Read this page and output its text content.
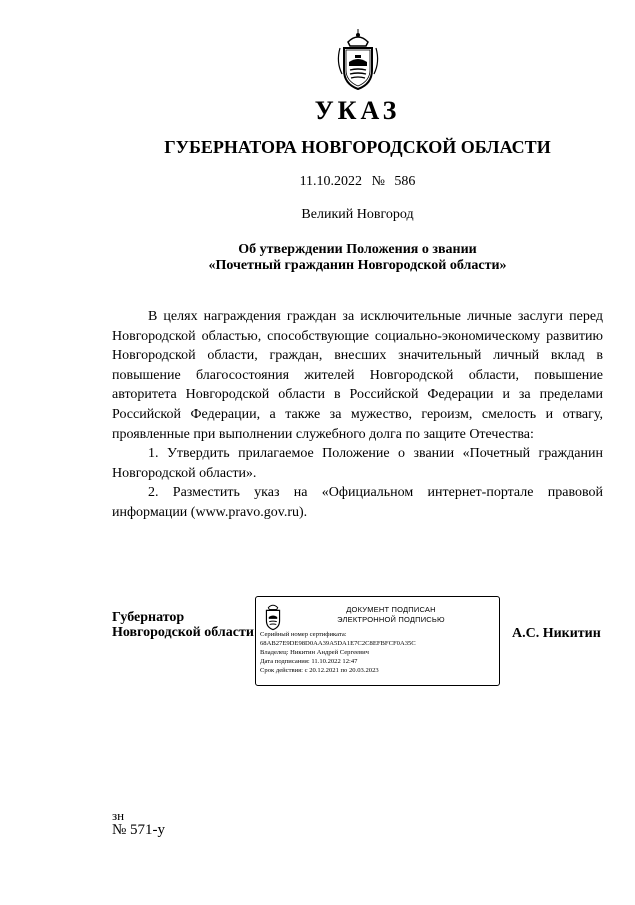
УКАЗ
ГУБЕРНАТОРА НОВГОРОДСКОЙ ОБЛАСТИ
11.10.2022 № 586
Великий Новгород
Об утверждении Положения о звании
«Почетный гражданин Новгородской области»

В целях награждения граждан за исключительные личные заслуги перед Новгородской областью, способствующие социально-экономическому развитию Новгородской области, граждан, внесших значительный личный вклад в повышение благосостояния жителей Новгородской области, повышение авторитета Новгородской области в Российской Федерации и за пределами Российской Федерации, а также за мужество, героизм, смелость и отвагу, проявленные при выполнении служебного долга по защите Отечества:

1. Утвердить прилагаемое Положение о звании «Почетный гражданин Новгородской области».

2. Разместить указ на «Официальном интернет-портале правовой информации (www.pravo.gov.ru).

Губернатор
Новгородской области
ДОКУМЕНТ ПОДПИСАН
ЭЛЕКТРОННОЙ ПОДПИСЬЮ
Серийный номер сертификата:
68AB27E9DE98D0AA39A5DA1E7C2C8EFBFCF0A35C
Владелец: Никитин Андрей Сергеевич
Дата подписания: 11.10.2022 12:47
Срок действия: с 20.12.2021 по 20.03.2023
А.С. Никитин
зн
№ 571-у
